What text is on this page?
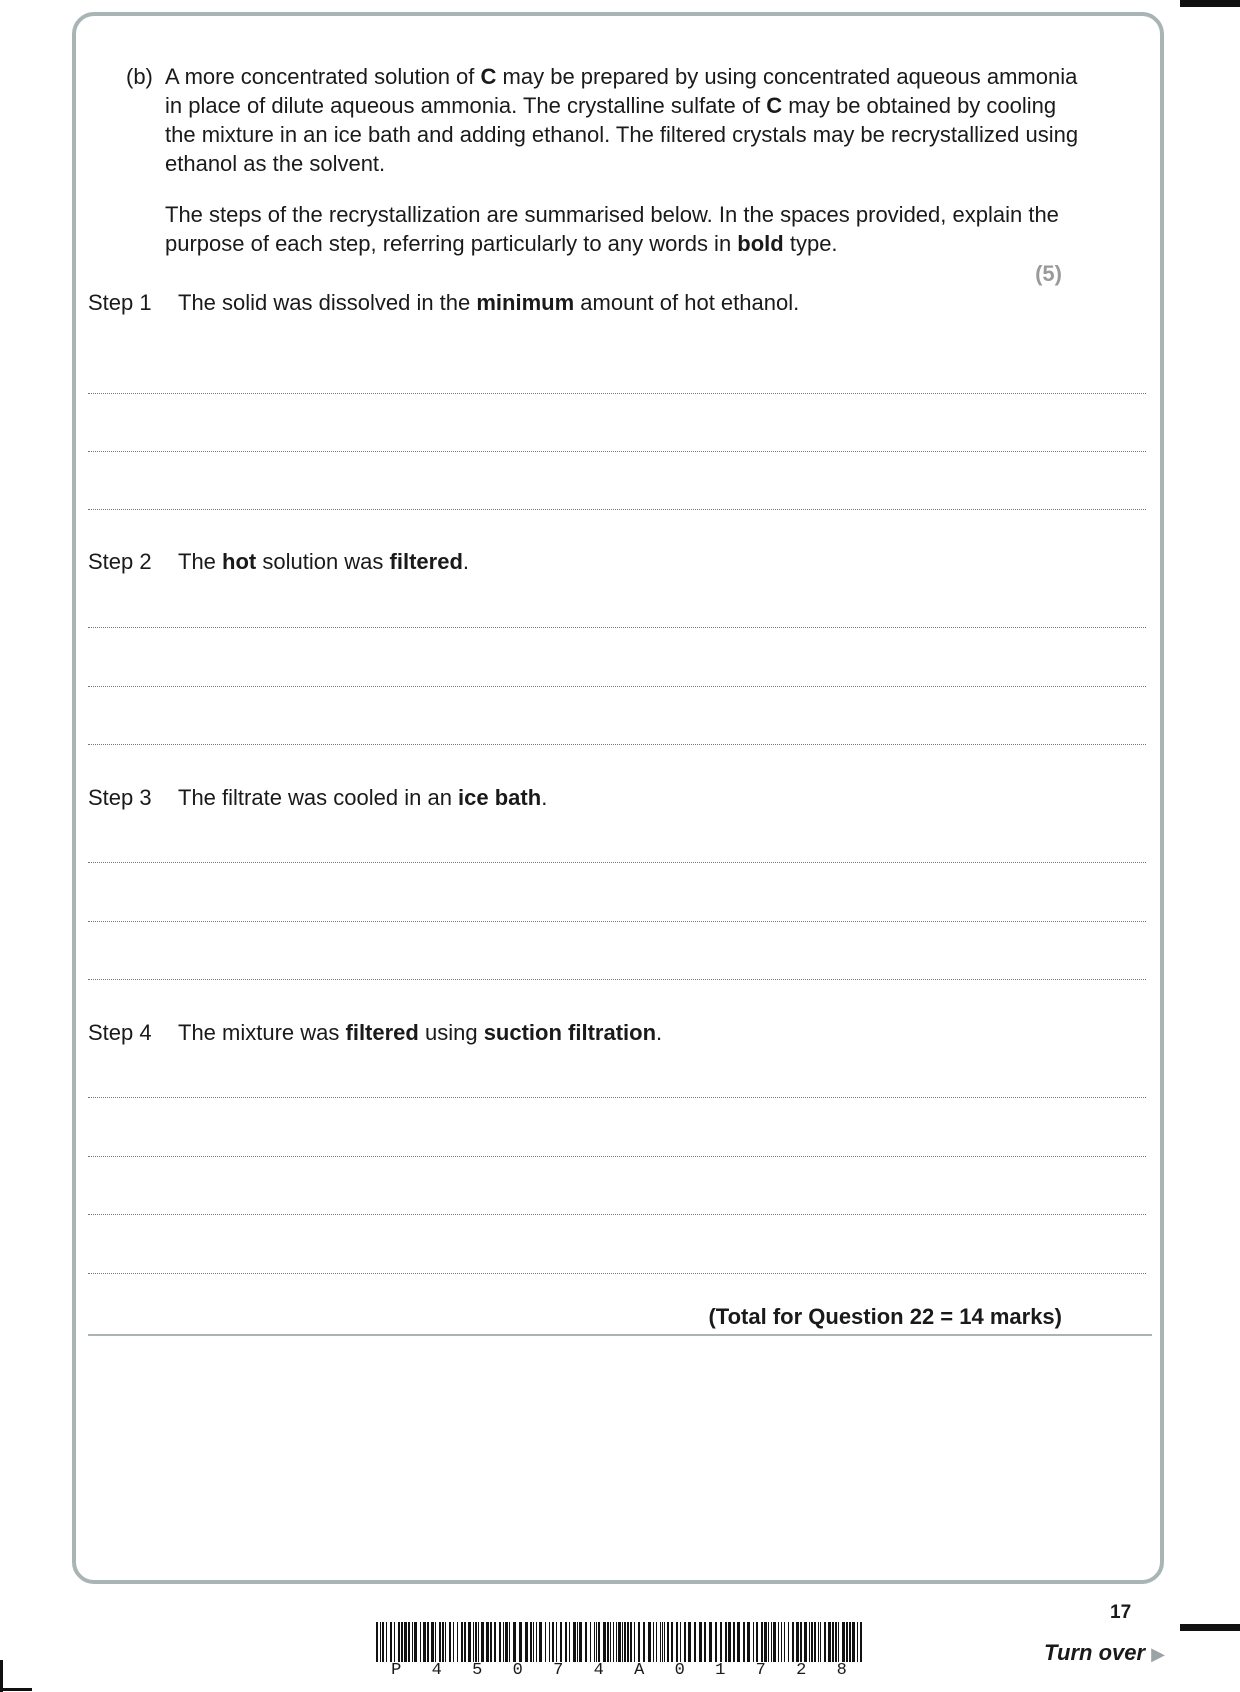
(b) A more concentrated solution of C may be prepared by using concentrated aqueous ammonia in place of dilute aqueous ammonia. The crystalline sulfate of C may be obtained by cooling the mixture in an ice bath and adding ethanol. The filtered crystals may be recrystallized using ethanol as the solvent.

The steps of the recrystallization are summarised below. In the spaces provided, explain the purpose of each step, referring particularly to any words in bold type.

(5)
Step 1 The solid was dissolved in the minimum amount of hot ethanol.
Step 2 The hot solution was filtered.
Step 3 The filtrate was cooled in an ice bath.
Step 4 The mixture was filtered using suction filtration.
(Total for Question 22 = 14 marks)
P 4 5 0 7 4 A 0 1 7 2 8
17
Turn over ▶
